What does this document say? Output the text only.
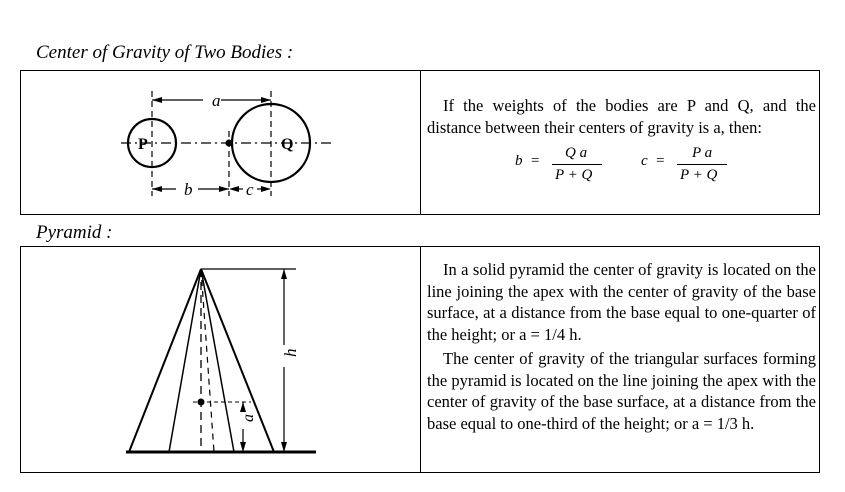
Center of Gravity of Two Bodies :
a
b	c
P	Q

If the weights of the bodies are P and Q, and the distance between their centers of gravity is a, then:

b = Q a
P + Q
c = P a
P + Q
Pyramid :
h
a

In a solid pyramid the center of gravity is located on the line joining the apex with the center of gravity of the base surface, at a distance from the base equal to one-quarter of the height; or a = 1/4 h.

The center of gravity of the triangular surfaces forming the pyramid is located on the line joining the apex with the center of gravity of the base surface, at a distance from the base equal to one-third of the height; or a = 1/3 h.
